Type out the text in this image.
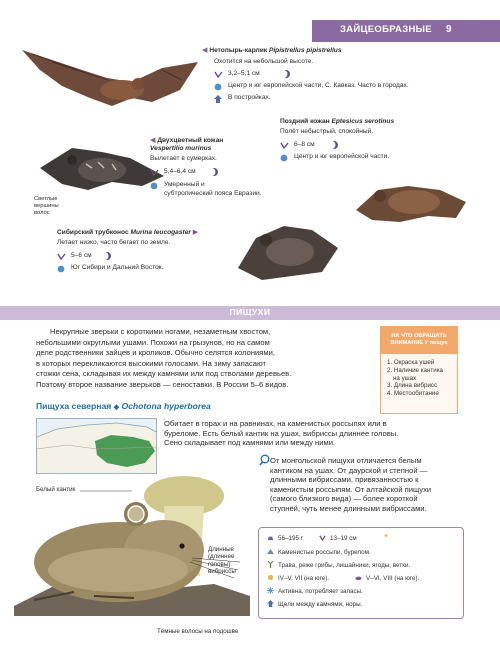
ЗАЙЦЕОБРАЗНЫЕ 9
◀ Нетопырь-карлик Pipistrellus pipistrellus
Охотится на небольшой высоте.
3,2–5,1 см
Центр и юг европейской части, С. Кавказ. Часто в городах.
В постройках.
◀ Двухцветный кожан
Vespertilio murinus
Вылетает в сумерках.
5,4–6,4 см
Умеренный и
субтропический пояса Евразии.
Светлые
вершины
волос
Поздний кожан Eptesicus serotinus
Полёт небыстрый, спокойный.
6–8 см
Центр и юг европейской части.
Сибирский трубконос Murina leucogaster ▶
Летает низко, часто бегает по земле.
5–6 см
Юг Сибири и Дальний Восток.
ПИЩУХИ
Некрупные зверьки с короткими ногами, незаметным хвостом,
небольшими округлыми ушами. Похожи на грызунов, но на самом
деле родственники зайцев и кроликов. Обычно селятся колониями,
в которых перекликаются высокими голосами. На зиму запасают
стожки сена, складывая их между камнями или под стволами деревьев.
Поэтому второе название зверьков — сеноставки. В России 5–6 видов.
НА ЧТО ОБРАЩАТЬ
ВНИМАНИЕ У пищух
1. Окраска ушей
2. Наличие кантика
на ушах
3. Длина вибрисс
4. Местообитание
Пищуха северная ◆ Ochotona hyperborea
Обитает в горах и на равнинах, на каменистых россыпях или в
буреломе. Есть белый кантик на ушах, вибриссы длиннее головы.
Сено складывает под камнями или между ними.
От монгольской пищухи отличается белым
кантиком на ушах. От даурской и степной —
длинными вибриссами, привязанностью к
каменистым россыпям. От алтайской пищухи
(самого близкого вида) — более короткой
ступнёй, чуть менее длинными вибриссами.
Белый кантик
Длинные
(длиннее
головы)
вибриссы
Тёмные волосы на подошве
56–195 г	13–19 см	☀
Каменистые россыпи, бурелом.
Трава, реже грибы, лишайники, ягоды, ветки.
IV–V, VII (на юге).	V–VI, VIII (на юге).
Активна, потребляет запасы.
Щели между камнями, норы.
